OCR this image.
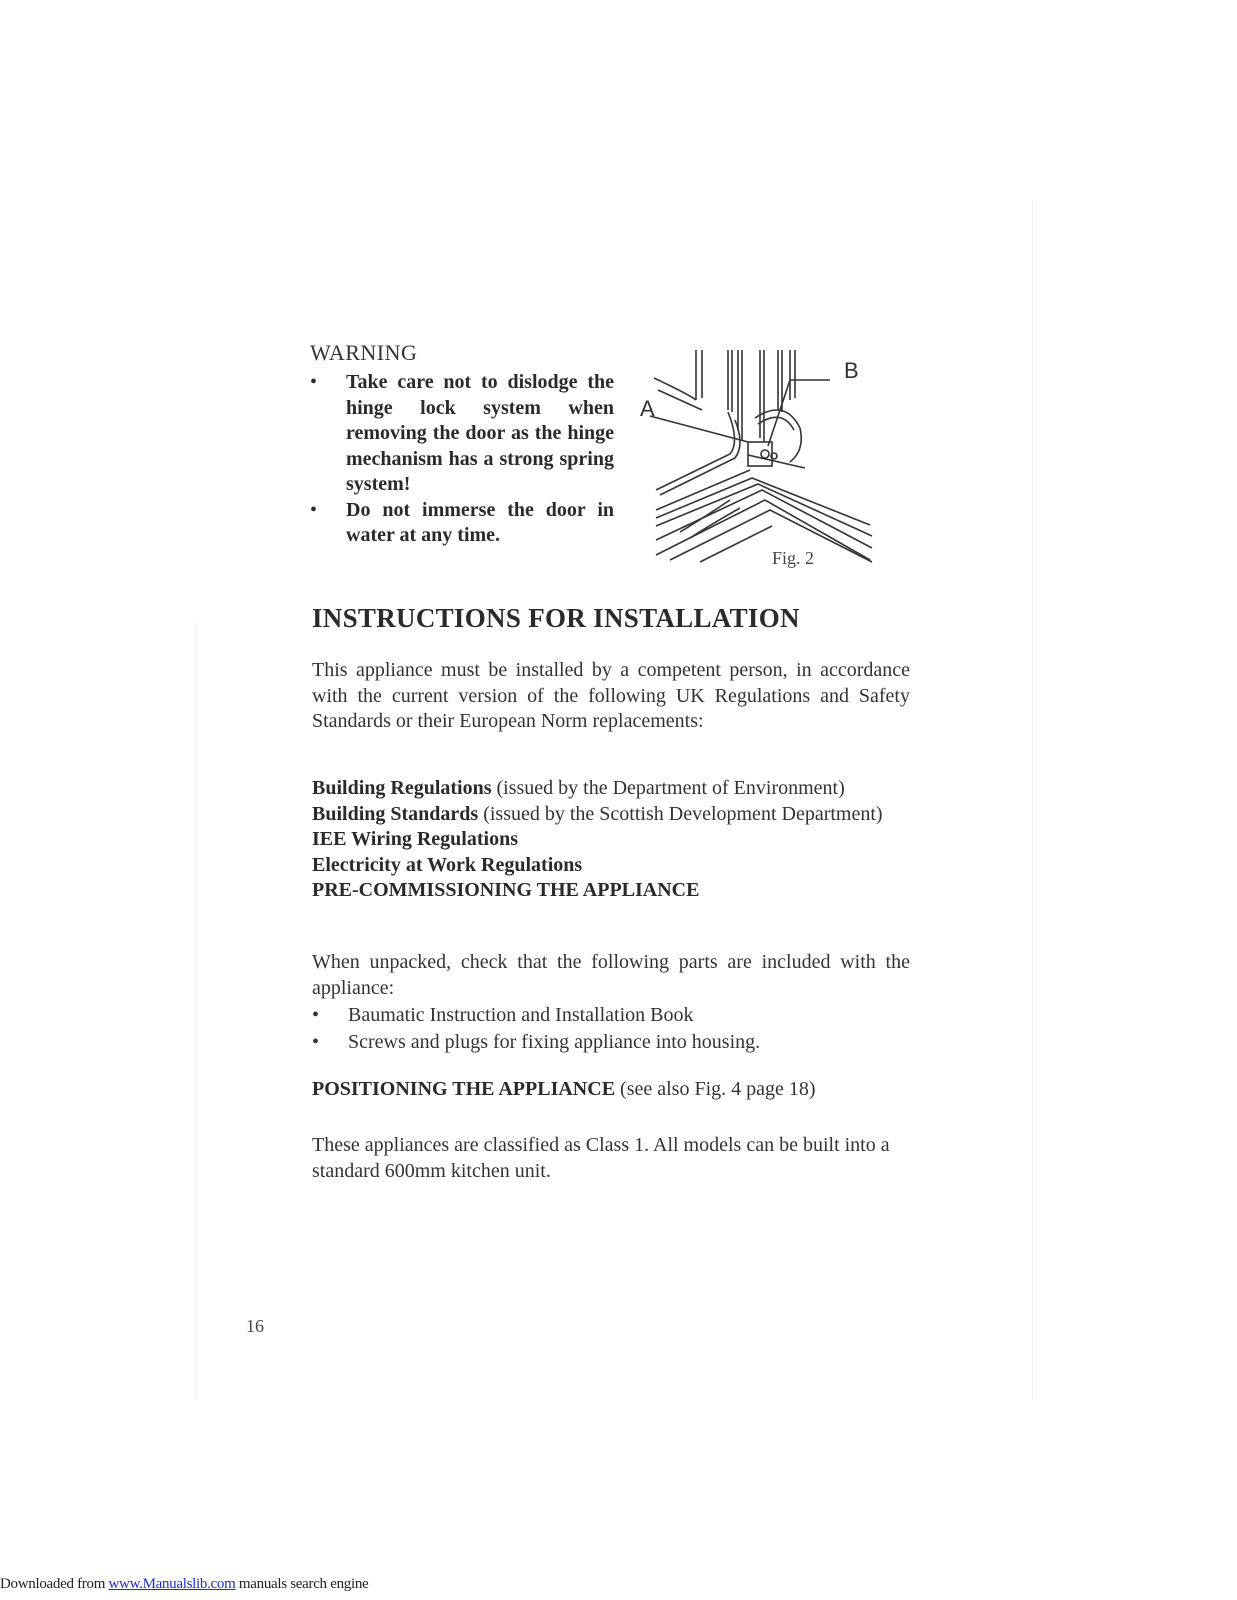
WARNING
• Take care not to dislodge the hinge lock system when removing the door as the hinge mechanism has a strong spring system!
• Do not immerse the door in water at any time.
A
B
Fig. 2
INSTRUCTIONS FOR INSTALLATION

This appliance must be installed by a competent person, in accordance with the current version of the following UK Regulations and Safety Standards or their European Norm replacements:

Building Regulations (issued by the Department of Environment)
Building Standards (issued by the Scottish Development Department)
IEE Wiring Regulations
Electricity at Work Regulations
PRE-COMMISSIONING THE APPLIANCE

When unpacked, check that the following parts are included with the appliance:

• Baumatic Instruction and Installation Book
• Screws and plugs for fixing appliance into housing.
POSITIONING THE APPLIANCE (see also Fig. 4 page 18)

These appliances are classified as Class 1. All models can be built into a standard 600mm kitchen unit.

16
Downloaded from www.Manualslib.com manuals search engine
